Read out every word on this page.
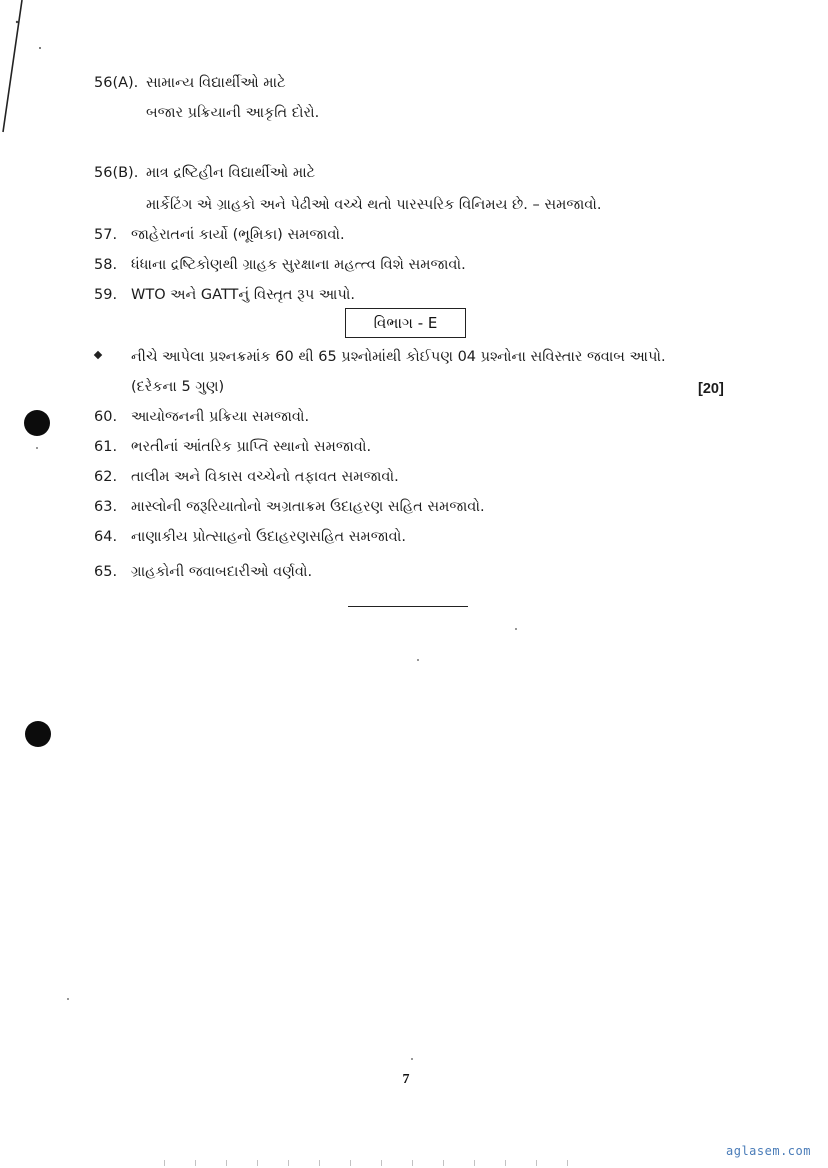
56(A). સામાન્ય વિદ્યાર્થીઓ માટે
બજાર પ્રક્રિયાની આકૃતિ દોરો.
56(B). માત્ર દ્રષ્ટિહીન વિદ્યાર્થીઓ માટે
માર્કેટિંગ એ ગ્રાહકો અને પેઢીઓ વચ્ચે થતો પારસ્પરિક વિનિમય છે. – સમજાવો.
57. જાહેરાતનાં કાર્યો (ભૂમિકા) સમજાવો.
58. ધંધાના દ્રષ્ટિકોણથી ગ્રાહક સુરક્ષાના મહત્ત્વ વિશે સમજાવો.
59. WTO અને GATTનું વિસ્તૃત રૂપ આપો.
વિભાગ - E
નીચે આપેલા પ્રશ્નક્રમાંક 60 થી 65 પ્રશ્નોમાંથી કોઈપણ 04 પ્રશ્નોના સવિસ્તાર જવાબ આપો.
(દરેકના 5 ગુણ)	[20]
60. આયોજનની પ્રક્રિયા સમજાવો.
61. ભરતીનાં આંતરિક પ્રાપ્તિ સ્થાનો સમજાવો.
62. તાલીમ અને વિકાસ વચ્ચેનો તફાવત સમજાવો.
63. માસ્લોની જરૂરિયાતોનો અગ્રતાક્રમ ઉદાહરણ સહિત સમજાવો.
64. નાણાકીય પ્રોત્સાહનો ઉદાહરણસહિત સમજાવો.
65. ગ્રાહકોની જવાબદારીઓ વર્ણવો.
7
aglasem.com
